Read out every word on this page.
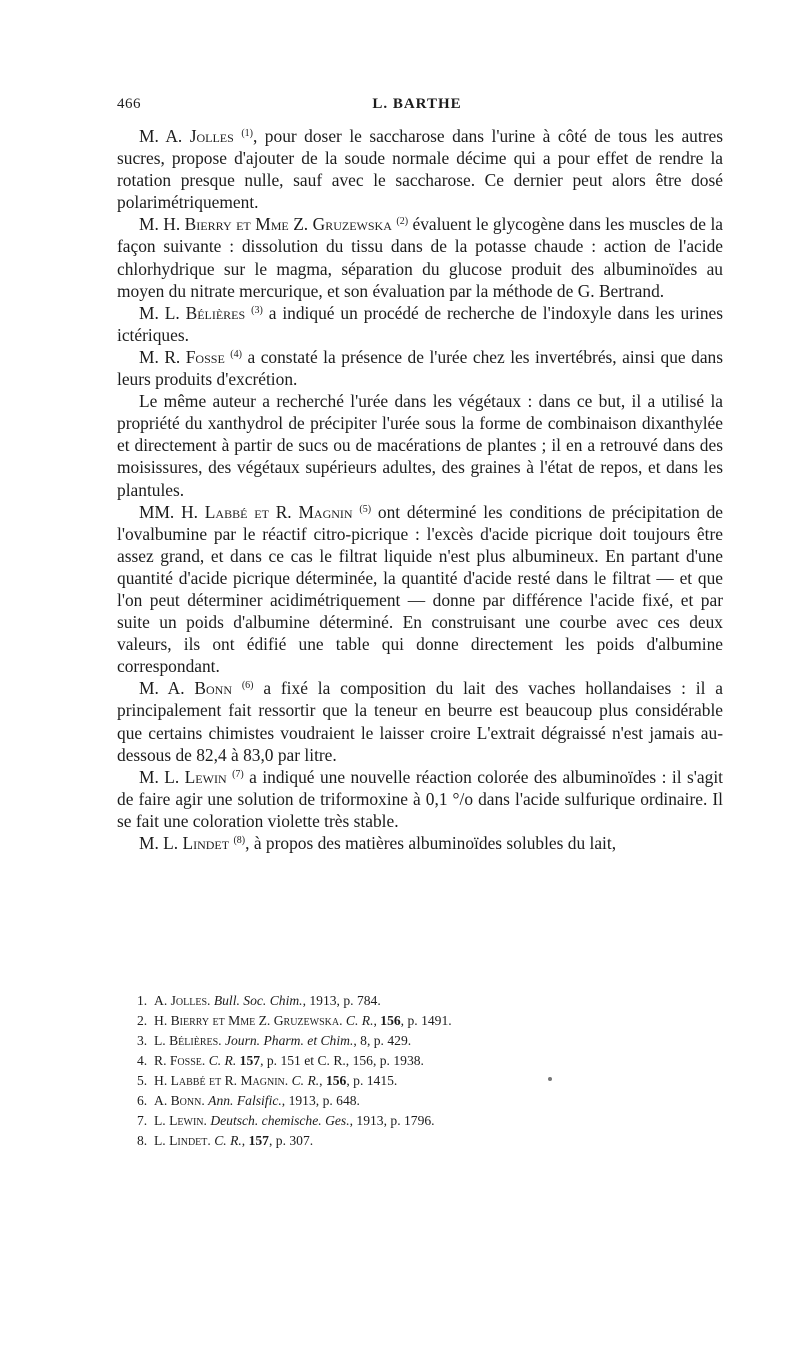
466	L. BARTHE

M. A. Jolles $^{(1)}$, pour doser le saccharose dans l'urine à côté de tous les autres sucres, propose d'ajouter de la soude normale décime qui a pour effet de rendre la rotation presque nulle, sauf avec le saccharose. Ce dernier peut alors être dosé polarimétriquement.

M. H. Bierry et Mme Z. Gruzewska $^{(2)}$ évaluent le glycogène dans les muscles de la façon suivante : dissolution du tissu dans de la potasse chaude : action de l'acide chlorhydrique sur le magma, séparation du glucose produit des albuminoïdes au moyen du nitrate mercurique, et son évaluation par la méthode de G. Bertrand.

M. L. Bélières $^{(3)}$ a indiqué un procédé de recherche de l'indoxyle dans les urines ictériques.

M. R. Fosse $^{(4)}$ a constaté la présence de l'urée chez les invertébrés, ainsi que dans leurs produits d'excrétion.

Le même auteur a recherché l'urée dans les végétaux : dans ce but, il a utilisé la propriété du xanthydrol de précipiter l'urée sous la forme de combinaison dixanthylée et directement à partir de sucs ou de macérations de plantes ; il en a retrouvé dans des moisissures, des végétaux supérieurs adultes, des graines à l'état de repos, et dans les plantules.

MM. H. Labbé et R. Magnin $^{(5)}$ ont déterminé les conditions de précipitation de l'ovalbumine par le réactif citro-picrique : l'excès d'acide picrique doit toujours être assez grand, et dans ce cas le filtrat liquide n'est plus albumineux. En partant d'une quantité d'acide picrique déterminée, la quantité d'acide resté dans le filtrat — et que l'on peut déterminer acidimétriquement — donne par différence l'acide fixé, et par suite un poids d'albumine déterminé. En construisant une courbe avec ces deux valeurs, ils ont édifié une table qui donne directement les poids d'albumine correspondant.

M. A. Bonn $^{(6)}$ a fixé la composition du lait des vaches hollandaises : il a principalement fait ressortir que la teneur en beurre est beaucoup plus considérable que certains chimistes voudraient le laisser croire L'extrait dégraissé n'est jamais au-dessous de 82,4 à 83,0 par litre.

M. L. Lewin $^{(7)}$ a indiqué une nouvelle réaction colorée des albuminoïdes : il s'agit de faire agir une solution de triformoxine à 0,1 °/o dans l'acide sulfurique ordinaire. Il se fait une coloration violette très stable.

M. L. Lindet $^{(8)}$, à propos des matières albuminoïdes solubles du lait,

1. A. Jolles. Bull. Soc. Chim., 1913, p. 784.
2. H. Bierry et Mme Z. Gruzewska. C. R., 156, p. 1491.
3. L. Bélières. Journ. Pharm. et Chim., 8, p. 429.
4. R. Fosse. C. R. 157, p. 151 et C. R., 156, p. 1938.
5. H. Labbé et R. Magnin. C. R., 156, p. 1415.
6. A. Bonn. Ann. Falsific., 1913, p. 648.
7. L. Lewin. Deutsch. chemische. Ges., 1913, p. 1796.
8. L. Lindet. C. R., 157, p. 307.
